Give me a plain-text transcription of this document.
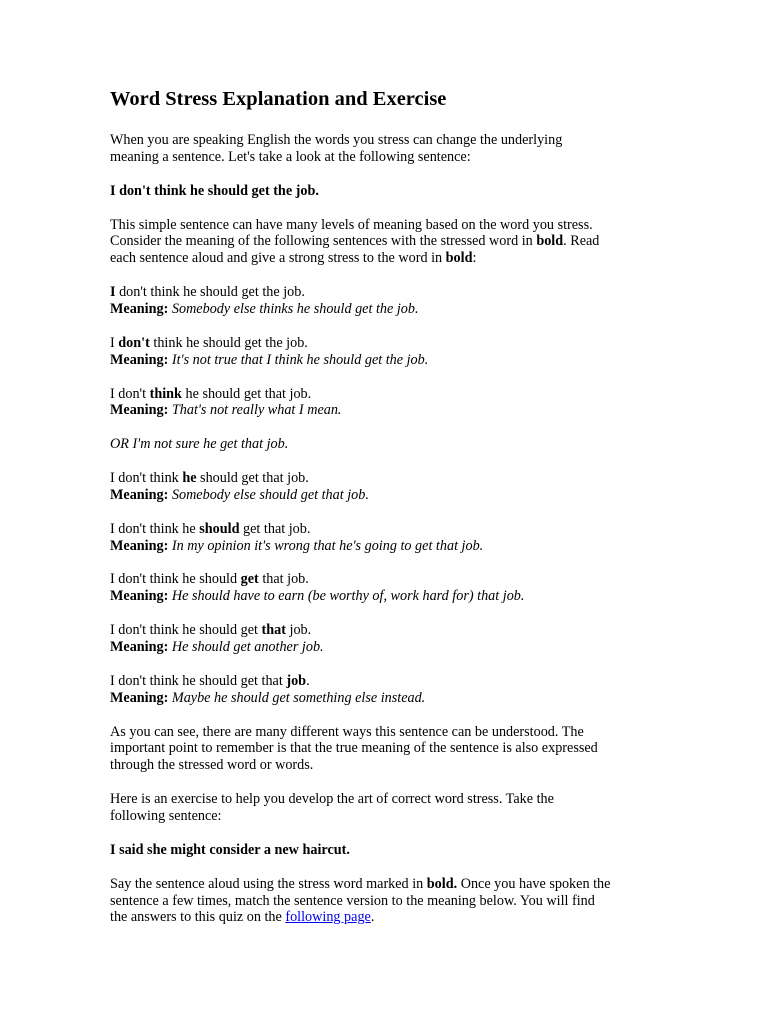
Word Stress Explanation and Exercise

When you are speaking English the words you stress can change the underlying
meaning a sentence. Let's take a look at the following sentence:

I don't think he should get the job.

This simple sentence can have many levels of meaning based on the word you stress.
Consider the meaning of the following sentences with the stressed word in bold. Read
each sentence aloud and give a strong stress to the word in bold:

I don't think he should get the job.
Meaning: Somebody else thinks he should get the job.

I don't think he should get the job.
Meaning: It's not true that I think he should get the job.

I don't think he should get that job.
Meaning: That's not really what I mean.

OR I'm not sure he get that job.

I don't think he should get that job.
Meaning: Somebody else should get that job.

I don't think he should get that job.
Meaning: In my opinion it's wrong that he's going to get that job.

I don't think he should get that job.
Meaning: He should have to earn (be worthy of, work hard for) that job.

I don't think he should get that job.
Meaning: He should get another job.

I don't think he should get that job.
Meaning: Maybe he should get something else instead.

As you can see, there are many different ways this sentence can be understood. The
important point to remember is that the true meaning of the sentence is also expressed
through the stressed word or words.

Here is an exercise to help you develop the art of correct word stress. Take the
following sentence:

I said she might consider a new haircut.

Say the sentence aloud using the stress word marked in bold. Once you have spoken the
sentence a few times, match the sentence version to the meaning below. You will find
the answers to this quiz on the following page.
